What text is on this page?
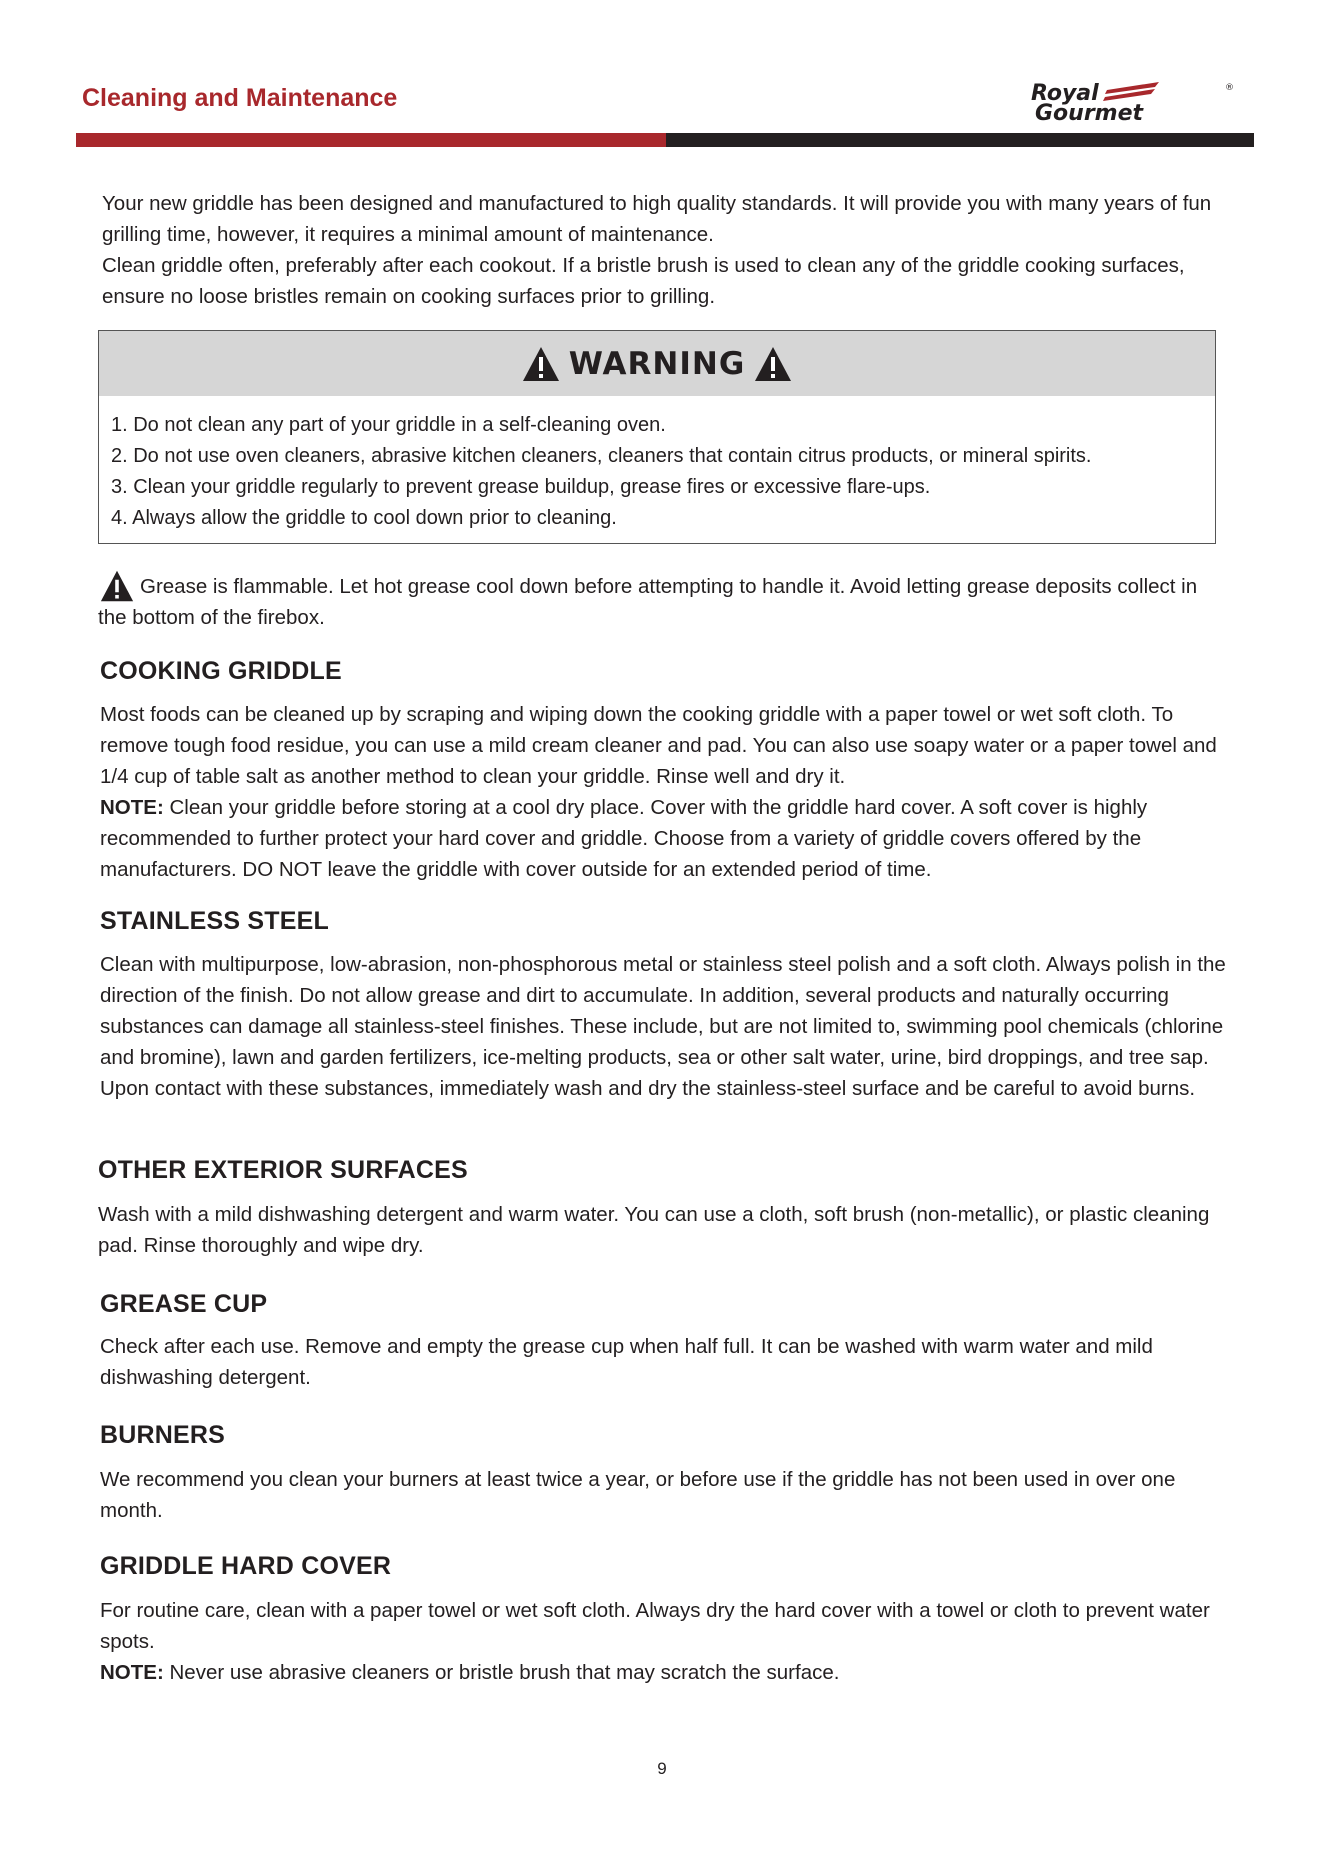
Cleaning and Maintenance	Royal
Gourmet
®

Your new griddle has been designed and manufactured to high quality standards. It will provide you with many years of fun grilling time, however, it requires a minimal amount of maintenance.

Clean griddle often, preferably after each cookout. If a bristle brush is used to clean any of the griddle cooking surfaces, ensure no loose bristles remain on cooking surfaces prior to grilling.

WARNING
1. Do not clean any part of your griddle in a self-cleaning oven.
2. Do not use oven cleaners, abrasive kitchen cleaners, cleaners that contain citrus products, or mineral spirits.
3. Clean your griddle regularly to prevent grease buildup, grease fires or excessive flare-ups.
4. Always allow the griddle to cool down prior to cleaning.

Grease is flammable. Let hot grease cool down before attempting to handle it. Avoid letting grease deposits collect in the bottom of the firebox.

COOKING GRIDDLE

Most foods can be cleaned up by scraping and wiping down the cooking griddle with a paper towel or wet soft cloth. To remove tough food residue, you can use a mild cream cleaner and pad. You can also use soapy water or a paper towel and 1/4 cup of table salt as another method to clean your griddle. Rinse well and dry it.
NOTE: Clean your griddle before storing at a cool dry place. Cover with the griddle hard cover. A soft cover is highly recommended to further protect your hard cover and griddle. Choose from a variety of griddle covers offered by the manufacturers. DO NOT leave the griddle with cover outside for an extended period of time.

STAINLESS STEEL

Clean with multipurpose, low-abrasion, non-phosphorous metal or stainless steel polish and a soft cloth. Always polish in the direction of the finish. Do not allow grease and dirt to accumulate. In addition, several products and naturally occurring substances can damage all stainless-steel finishes. These include, but are not limited to, swimming pool chemicals (chlorine and bromine), lawn and garden fertilizers, ice-melting products, sea or other salt water, urine, bird droppings, and tree sap. Upon contact with these substances, immediately wash and dry the stainless-steel surface and be careful to avoid burns.

OTHER EXTERIOR SURFACES

Wash with a mild dishwashing detergent and warm water. You can use a cloth, soft brush (non-metallic), or plastic cleaning pad. Rinse thoroughly and wipe dry.

GREASE CUP

Check after each use. Remove and empty the grease cup when half full. It can be washed with warm water and mild dishwashing detergent.

BURNERS

We recommend you clean your burners at least twice a year, or before use if the griddle has not been used in over one month.

GRIDDLE HARD COVER

For routine care, clean with a paper towel or wet soft cloth. Always dry the hard cover with a towel or cloth to prevent water spots.
NOTE: Never use abrasive cleaners or bristle brush that may scratch the surface.

9
